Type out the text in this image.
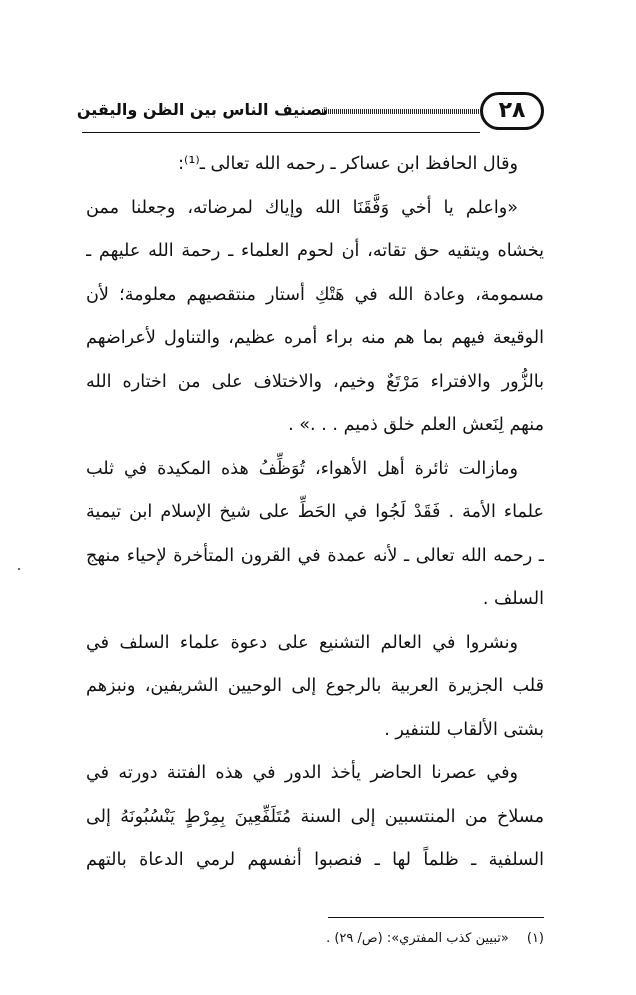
٢٨
تصنيف الناس بين الظن واليقين
وقال الحافظ ابن عساكر ـ رحمه الله تعالى ـ⁽¹⁾:
«واعلم يا أخي وَفَّقَنَا الله وإياك لمرضاته، وجعلنا ممن
يخشاه ويتقيه حق تقاته، أن لحوم العلماء ـ رحمة الله عليهم ـ
مسمومة، وعادة الله في هَتْكِ أستار منتقصيهم معلومة؛ لأن
الوقيعة فيهم بما هم منه براء أمره عظيم، والتناول لأعراضهم
بالزُّور والافتراء مَرْتَعٌ وخيم، والاختلاف على من اختاره الله
منهم لِنَعش العلم خلق ذميم . . .» .
ومازالت ثائرة أهل الأهواء، تُوَظِّفُ هذه المكيدة في ثلب
علماء الأمة . فَقَدْ لَجُوا في الحَطِّ على شيخ الإسلام ابن تيمية
ـ رحمه الله تعالى ـ لأنه عمدة في القرون المتأخرة لإحياء منهج
السلف .
ونشروا في العالم التشنيع على دعوة علماء السلف في
قلب الجزيرة العربية بالرجوع إلى الوحيين الشريفين، ونبزهم
بشتى الألقاب للتنفير .
وفي عصرنا الحاضر يأخذ الدور في هذه الفتنة دورته في
مسلاخ من المنتسبين إلى السنة مُتَلَفِّعِينَ بِمِرْطٍ يَنْسُبُونَهُ إلى
السلفية ـ ظلماً لها ـ فنصبوا أنفسهم لرمي الدعاة بالتهم
(١)«تبيين كذب المفتري»: (ص/ ٢٩) .
